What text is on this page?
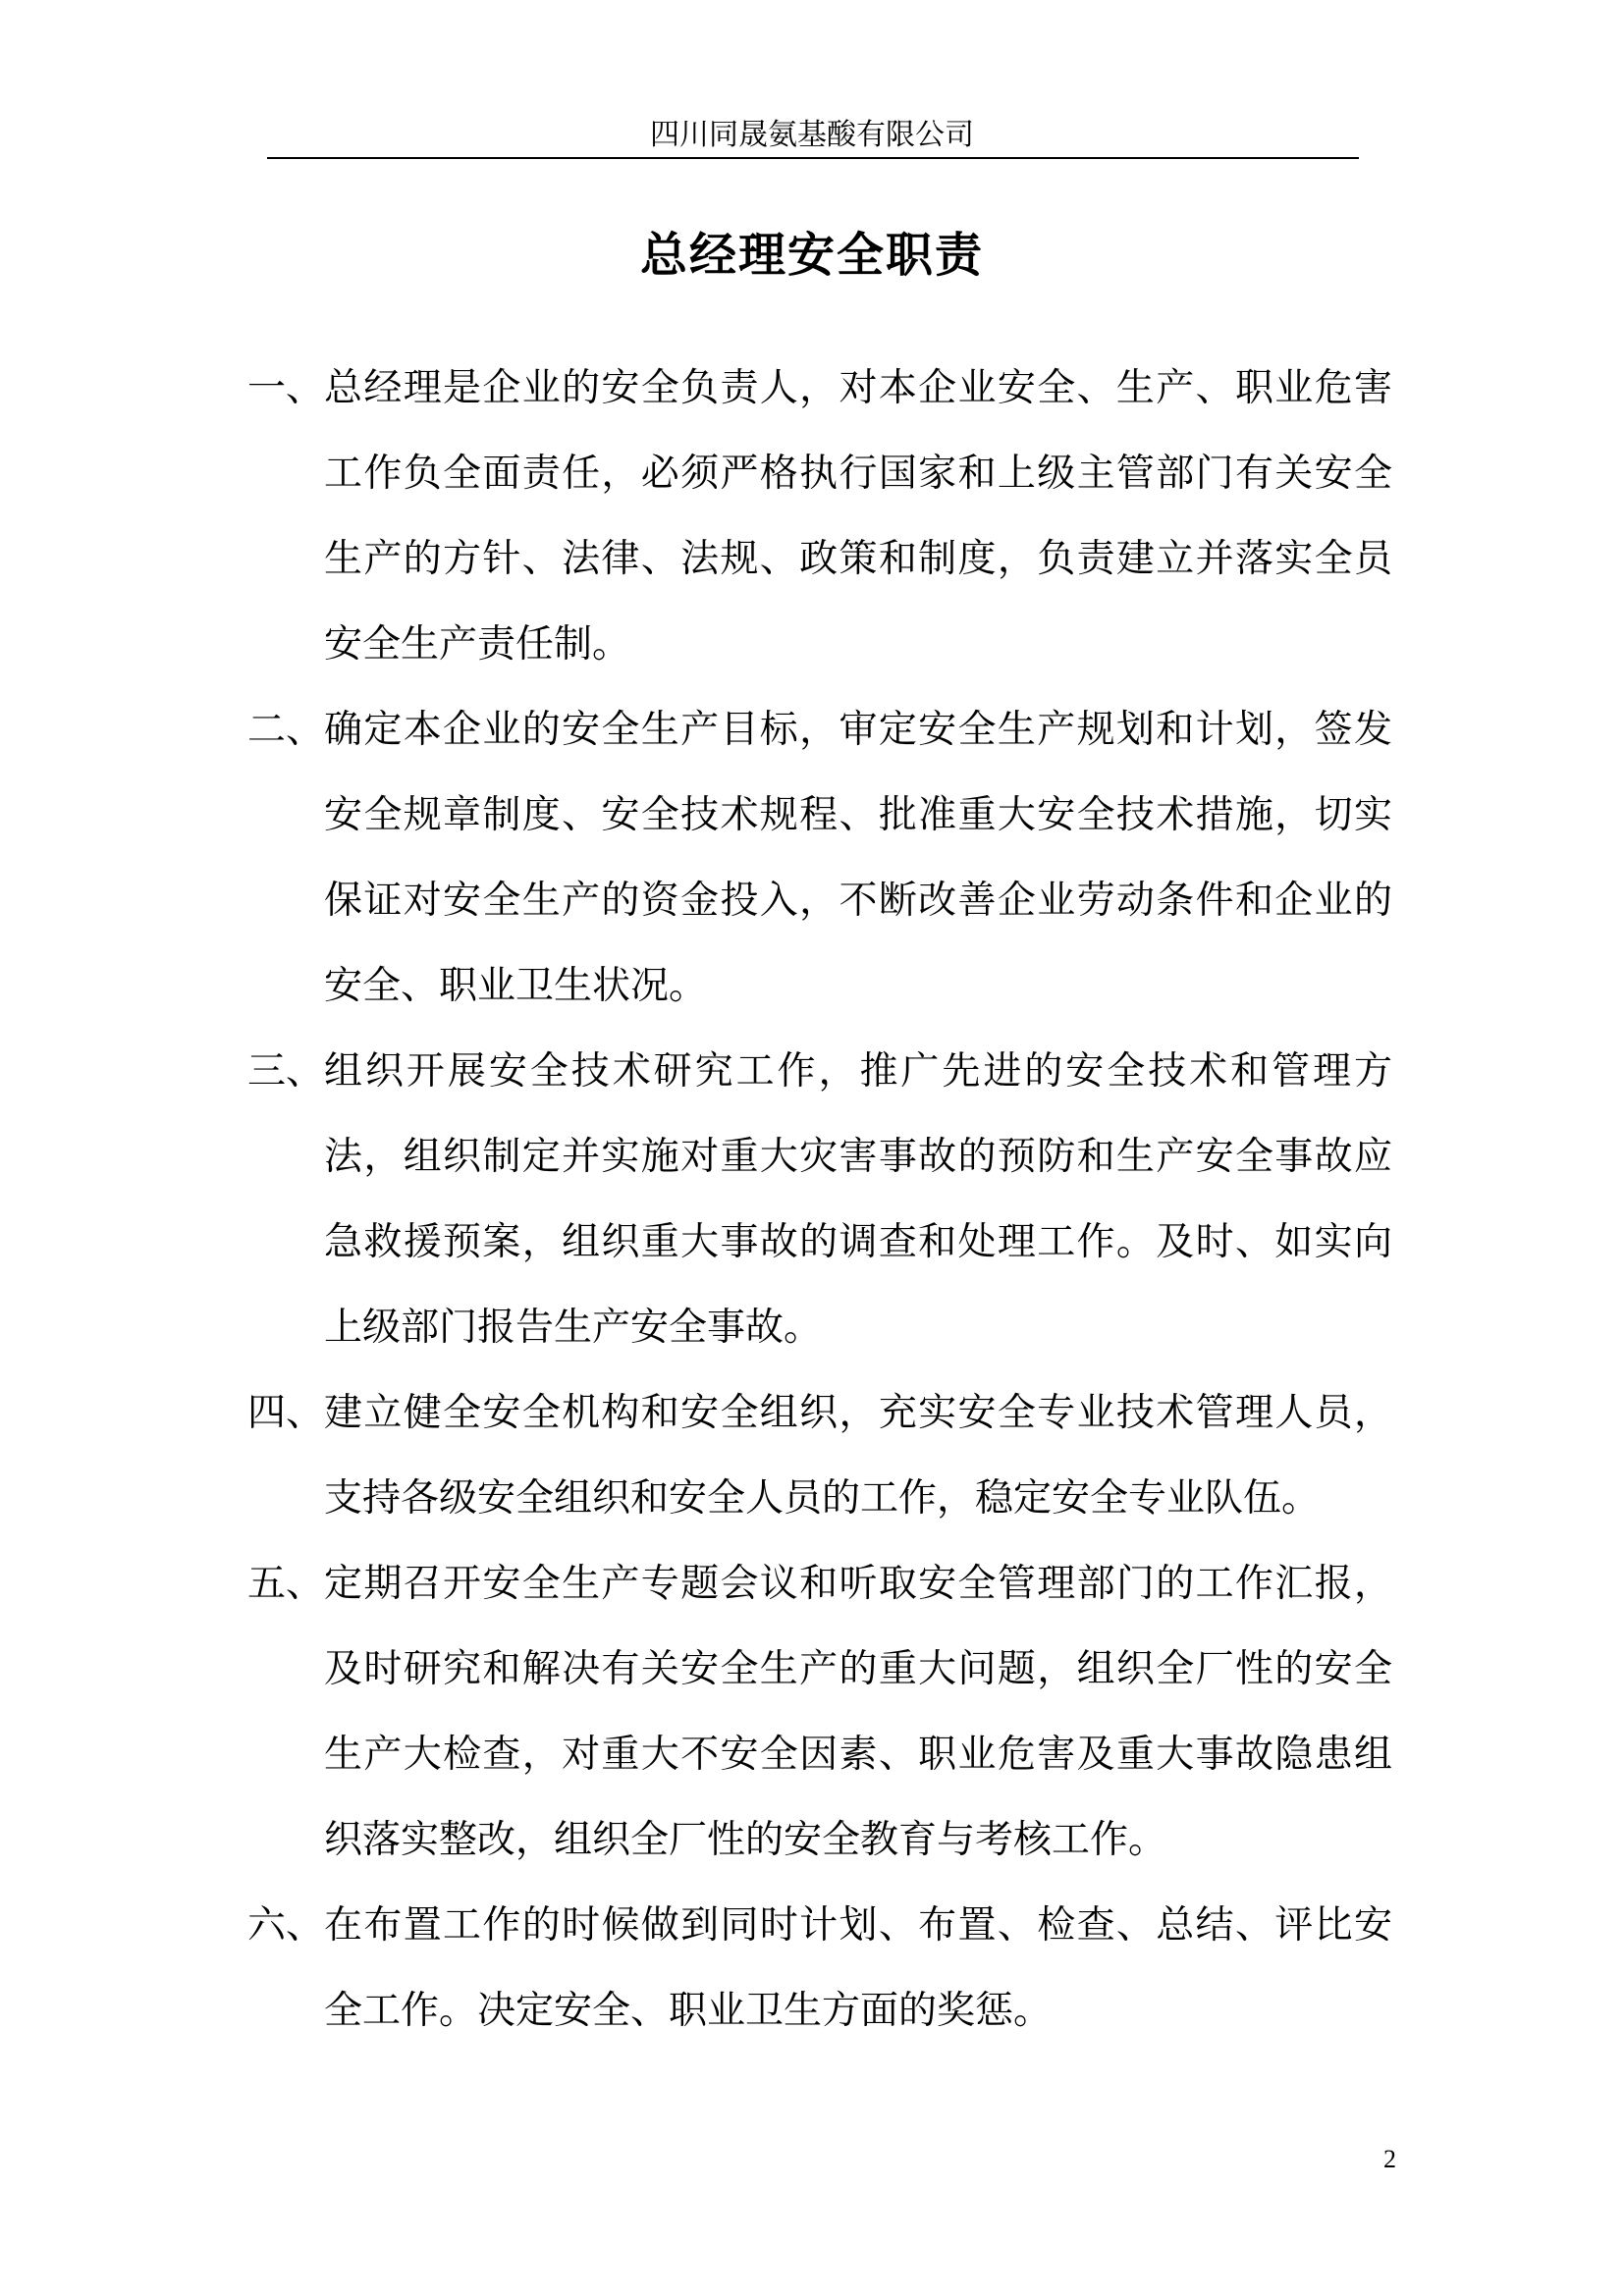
四川同晟氨基酸有限公司
总经理安全职责

一、 总经理是企业的安全负责人，对本企业安全、生产、职业危害工作负全面责任，必须严格执行国家和上级主管部门有关安全生产的方针、法律、法规、政策和制度，负责建立并落实全员安全生产责任制。

二、 确定本企业的安全生产目标，审定安全生产规划和计划，签发安全规章制度、安全技术规程、批准重大安全技术措施，切实保证对安全生产的资金投入，不断改善企业劳动条件和企业的安全、职业卫生状况。

三、 组织开展安全技术研究工作，推广先进的安全技术和管理方法，组织制定并实施对重大灾害事故的预防和生产安全事故应急救援预案，组织重大事故的调查和处理工作。及时、如实向上级部门报告生产安全事故。

四、 建立健全安全机构和安全组织，充实安全专业技术管理人员，支持各级安全组织和安全人员的工作，稳定安全专业队伍。

五、 定期召开安全生产专题会议和听取安全管理部门的工作汇报，及时研究和解决有关安全生产的重大问题，组织全厂性的安全生产大检查，对重大不安全因素、职业危害及重大事故隐患组织落实整改，组织全厂性的安全教育与考核工作。

六、 在布置工作的时候做到同时计划、布置、检查、总结、评比安全工作。决定安全、职业卫生方面的奖惩。

2
